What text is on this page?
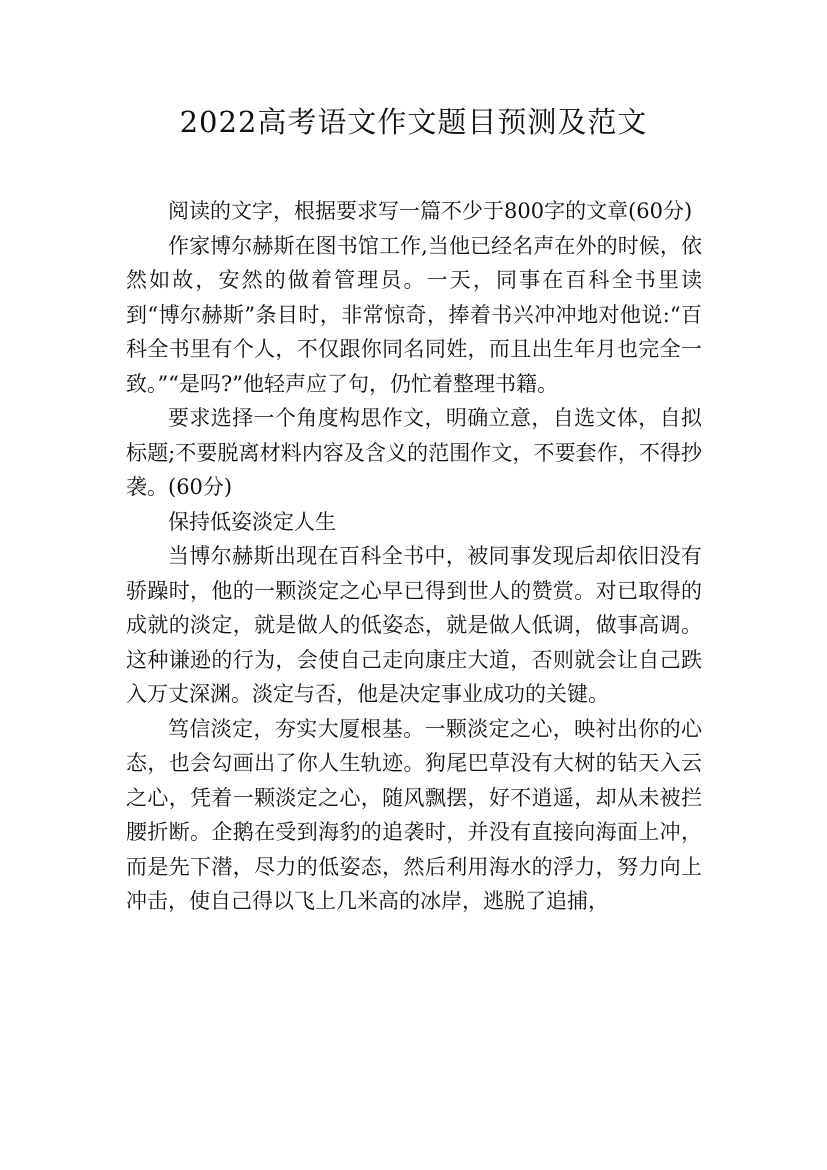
2022高考语文作文题目预测及范文

阅读的文字，根据要求写一篇不少于800字的文章(60分)

作家博尔赫斯在图书馆工作,当他已经名声在外的时候，依然如故，安然的做着管理员。一天，同事在百科全书里读到“博尔赫斯”条目时，非常惊奇，捧着书兴冲冲地对他说:“百科全书里有个人，不仅跟你同名同姓，而且出生年月也完全一致。”“是吗?”他轻声应了句，仍忙着整理书籍。

要求选择一个角度构思作文，明确立意，自选文体，自拟标题;不要脱离材料内容及含义的范围作文，不要套作，不得抄袭。(60分)

保持低姿淡定人生

当博尔赫斯出现在百科全书中，被同事发现后却依旧没有骄躁时，他的一颗淡定之心早已得到世人的赞赏。对已取得的成就的淡定，就是做人的低姿态，就是做人低调，做事高调。这种谦逊的行为，会使自己走向康庄大道，否则就会让自己跌入万丈深渊。淡定与否，他是决定事业成功的关键。

笃信淡定，夯实大厦根基。一颗淡定之心，映衬出你的心态，也会勾画出了你人生轨迹。狗尾巴草没有大树的钻天入云之心，凭着一颗淡定之心，随风飘摆，好不逍遥，却从未被拦腰折断。企鹅在受到海豹的追袭时，并没有直接向海面上冲，而是先下潜，尽力的低姿态，然后利用海水的浮力，努力向上冲击，使自己得以飞上几米高的冰岸，逃脱了追捕，
